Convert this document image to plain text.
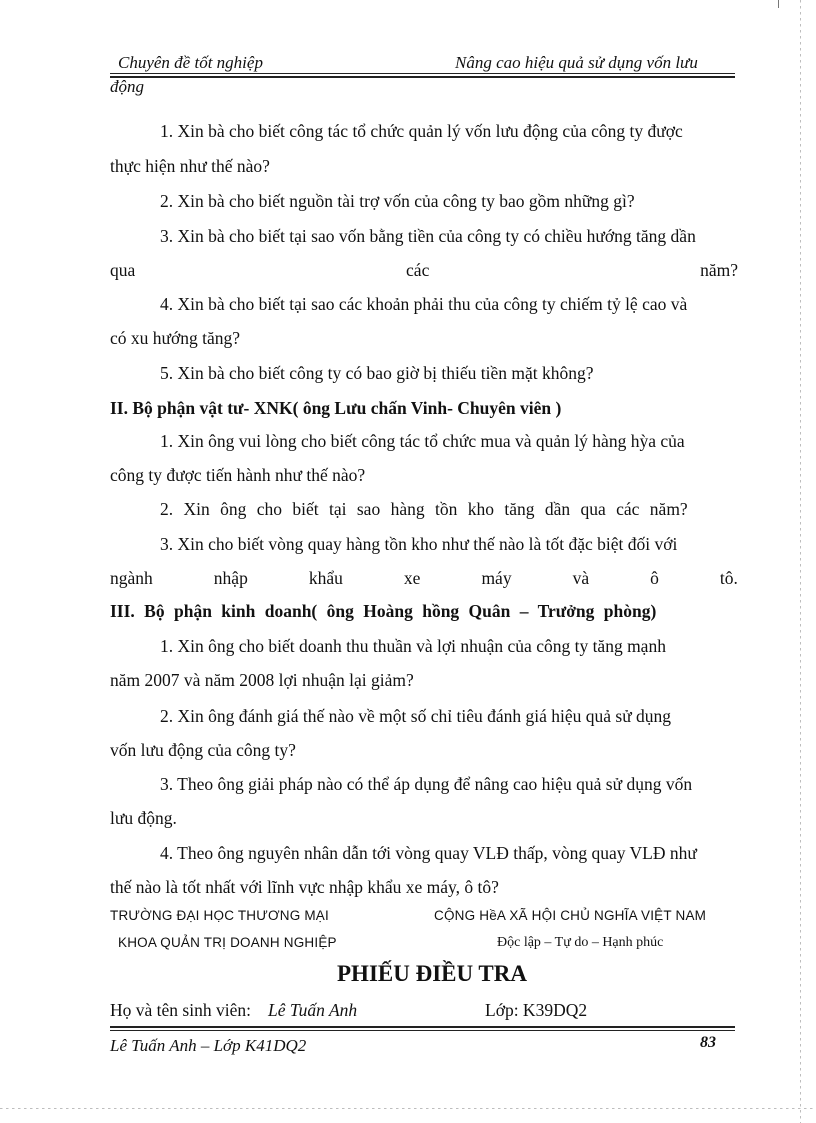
Chuyên đề tốt nghiệp	Nâng cao hiệu quả sử dụng vốn lưu
động
1. Xin bà cho biết công tác tổ chức quản lý vốn lưu động của công ty được
thực hiện như thế nào?
2. Xin bà cho biết nguồn tài trợ vốn của công ty bao gồm những gì?
3. Xin bà cho biết tại sao vốn bằng tiền của công ty có chiều hướng tăng dần
qua	các	năm?
4. Xin bà cho biết tại sao các khoản phải thu của công ty chiếm tỷ lệ cao và
có xu hướng tăng?
5. Xin bà cho biết công ty có bao giờ bị thiếu tiền mặt không?
II. Bộ phận vật tư- XNK( ông Lưu chấn Vinh- Chuyên viên )
1. Xin ông vui lòng cho biết công tác tổ chức mua và quản lý hàng hỳa của
công ty được tiến hành như thế nào?
2. Xin ông cho biết tại sao hàng tồn kho tăng dần qua các năm?
3. Xin cho biết vòng quay hàng tồn kho như thế nào là tốt đặc biệt đối với
ngành	nhập	khẩu	xe	máy	và	ô	tô.
III. Bộ phận kinh doanh( ông Hoàng hồng Quân – Trưởng phòng)
1. Xin ông cho biết doanh thu thuần và lợi nhuận của công ty tăng mạnh
năm 2007 và năm 2008 lợi nhuận lại giảm?
2. Xin ông đánh giá thế nào về một số chỉ tiêu đánh giá hiệu quả sử dụng
vốn lưu động của công ty?
3. Theo ông giải pháp nào có thể áp dụng để nâng cao hiệu quả sử dụng vốn
lưu động.
4. Theo ông nguyên nhân dẫn tới vòng quay VLĐ thấp, vòng quay VLĐ như
thế nào là tốt nhất với lĩnh vực nhập khẩu xe máy, ô tô?
TRƯỜNG ĐẠI HỌC THƯƠNG MẠI	CỘNG HềA XÃ HỘI CHỦ NGHĨA VIỆT NAM
KHOA QUẢN TRỊ DOANH NGHIỆP	Độc lập – Tự do – Hạnh phúc
PHIẾU ĐIỀU TRA
Họ và tên sinh viên: Lê Tuấn Anh	Lớp: K39DQ2
Lê Tuấn Anh – Lớp K41DQ2	83
